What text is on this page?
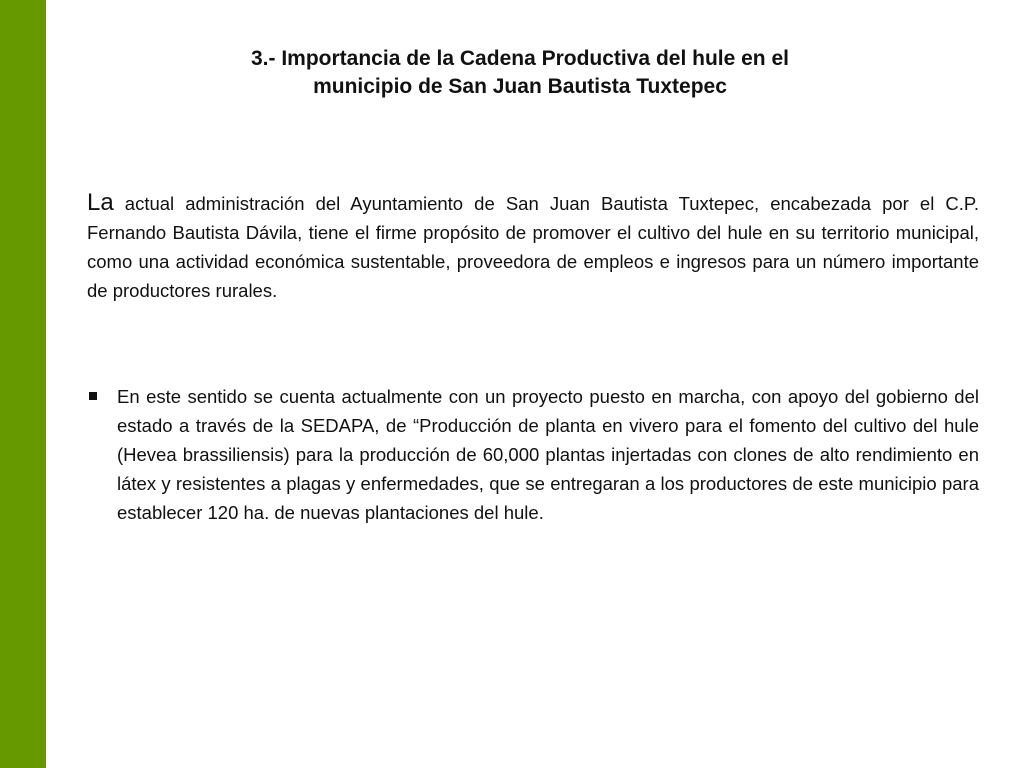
3.- Importancia de la Cadena Productiva del hule en el
municipio de San Juan Bautista Tuxtepec

La actual administración del Ayuntamiento de San Juan Bautista Tuxtepec, encabezada por el C.P. Fernando Bautista Dávila, tiene el firme propósito de promover el cultivo del hule en su territorio municipal, como una actividad económica sustentable, proveedora de empleos e ingresos para un número importante de productores rurales.

En este sentido se cuenta actualmente con un proyecto puesto en marcha, con apoyo del gobierno del estado a través de la SEDAPA, de “Producción de planta en vivero para el fomento del cultivo del hule (Hevea brassiliensis) para la producción de 60,000 plantas injertadas con clones de alto rendimiento en látex y resistentes a plagas y enfermedades, que se entregaran a los productores de este municipio para establecer 120 ha. de nuevas plantaciones del hule.
